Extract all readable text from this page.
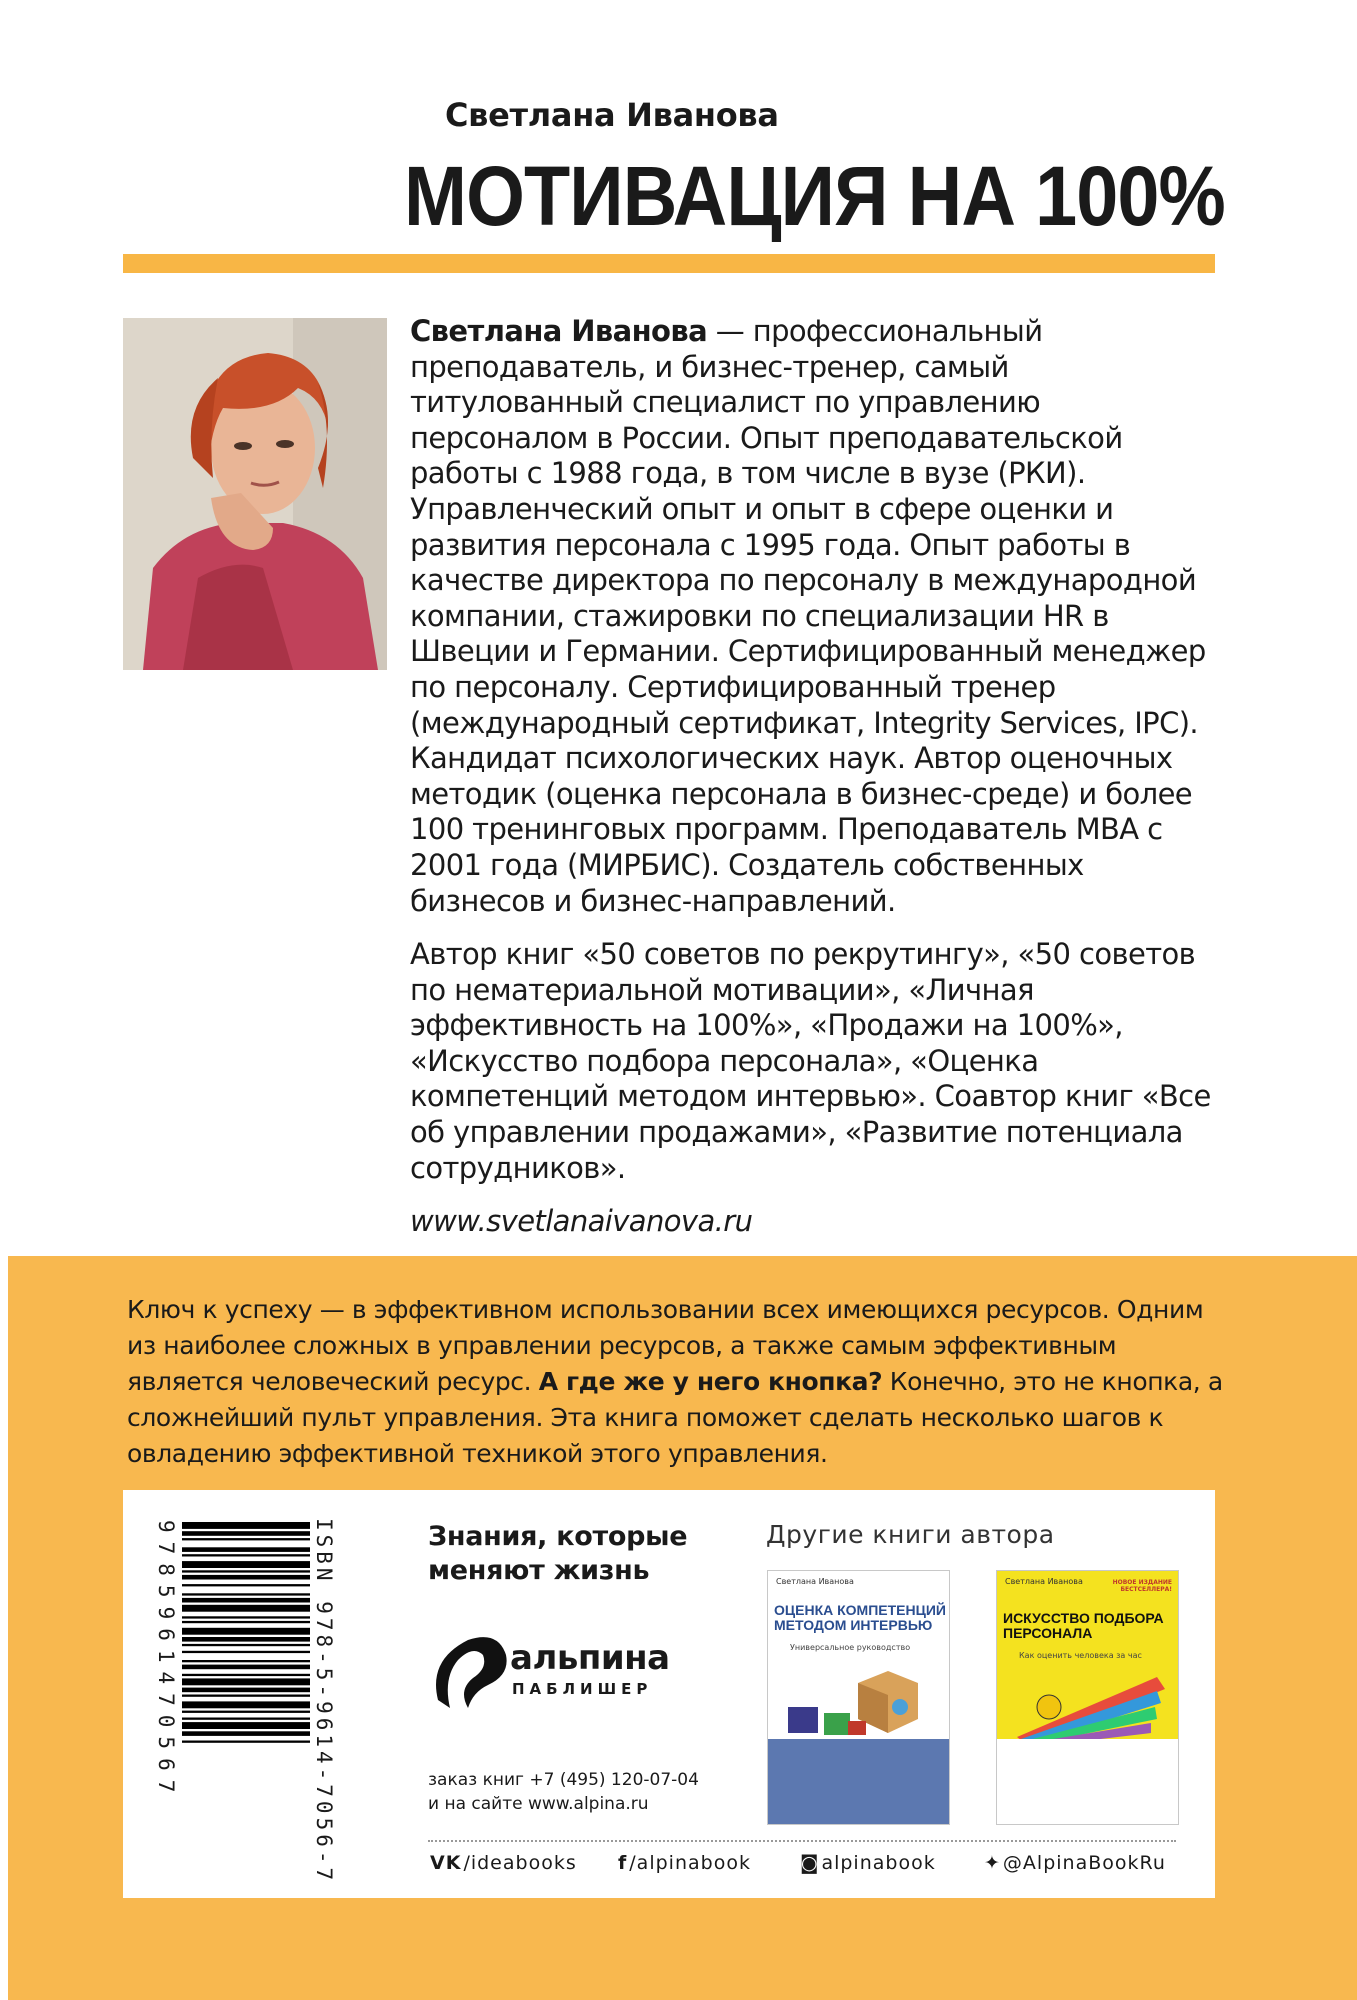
Светлана Иванова
МОТИВАЦИЯ НА 100%

Светлана Иванова — профессиональный преподаватель, и бизнес-тренер, самый титулованный специалист по управлению персоналом в России. Опыт преподавательской работы с 1988 года, в том числе в вузе (РКИ). Управленческий опыт и опыт в сфере оценки и развития персонала с 1995 года. Опыт работы в качестве директора по персоналу в международной компании, стажировки по специализации HR в Швеции и Германии. Сертифицированный менеджер по персоналу. Сертифицированный тренер (международный сертификат, Integrity Services, IPC). Кандидат психологических наук. Автор оценочных методик (оценка персонала в бизнес-среде) и более 100 тренинговых программ. Преподаватель MBA с 2001 года (МИРБИС). Создатель собственных бизнесов и бизнес-направлений.

Автор книг «50 советов по рекрутингу», «50 советов по нематериальной мотивации», «Личная эффективность на 100%», «Продажи на 100%», «Искусство подбора персонала», «Оценка компетенций методом интервью». Соавтор книг «Все об управлении продажами», «Развитие потенциала сотрудников».

www.svetlanaivanova.ru

Ключ к успеху — в эффективном использовании всех имеющихся ресурсов. Одним из наиболее сложных в управлении ресурсов, а также самым эффективным является человеческий ресурс. А где же у него кнопка? Конечно, это не кнопка, а сложнейший пульт управления. Эта книга поможет сделать несколько шагов к овладению эффективной техникой этого управления.
9785961470567	ISBN 978-5-9614-7056-7	Знания, которые
меняют жизнь
альпина
ПАБЛИШЕР
заказ книг +7 (495) 120-07-04
и на сайте www.alpina.ru
Другие книги автора
Светлана Иванова
ОЦЕНКА КОМПЕТЕНЦИЙ МЕТОДОМ ИНТЕРВЬЮ
Универсальное руководство
Светлана Иванова	НОВОЕ ИЗДАНИЕ БЕСТСЕЛЛЕРА!
ИСКУССТВО ПОДБОРА ПЕРСОНАЛА
Как оценить человека за час
VK /ideabooks f /alpinabook	◙ alpinabook	✦ @AlpinaBookRu
